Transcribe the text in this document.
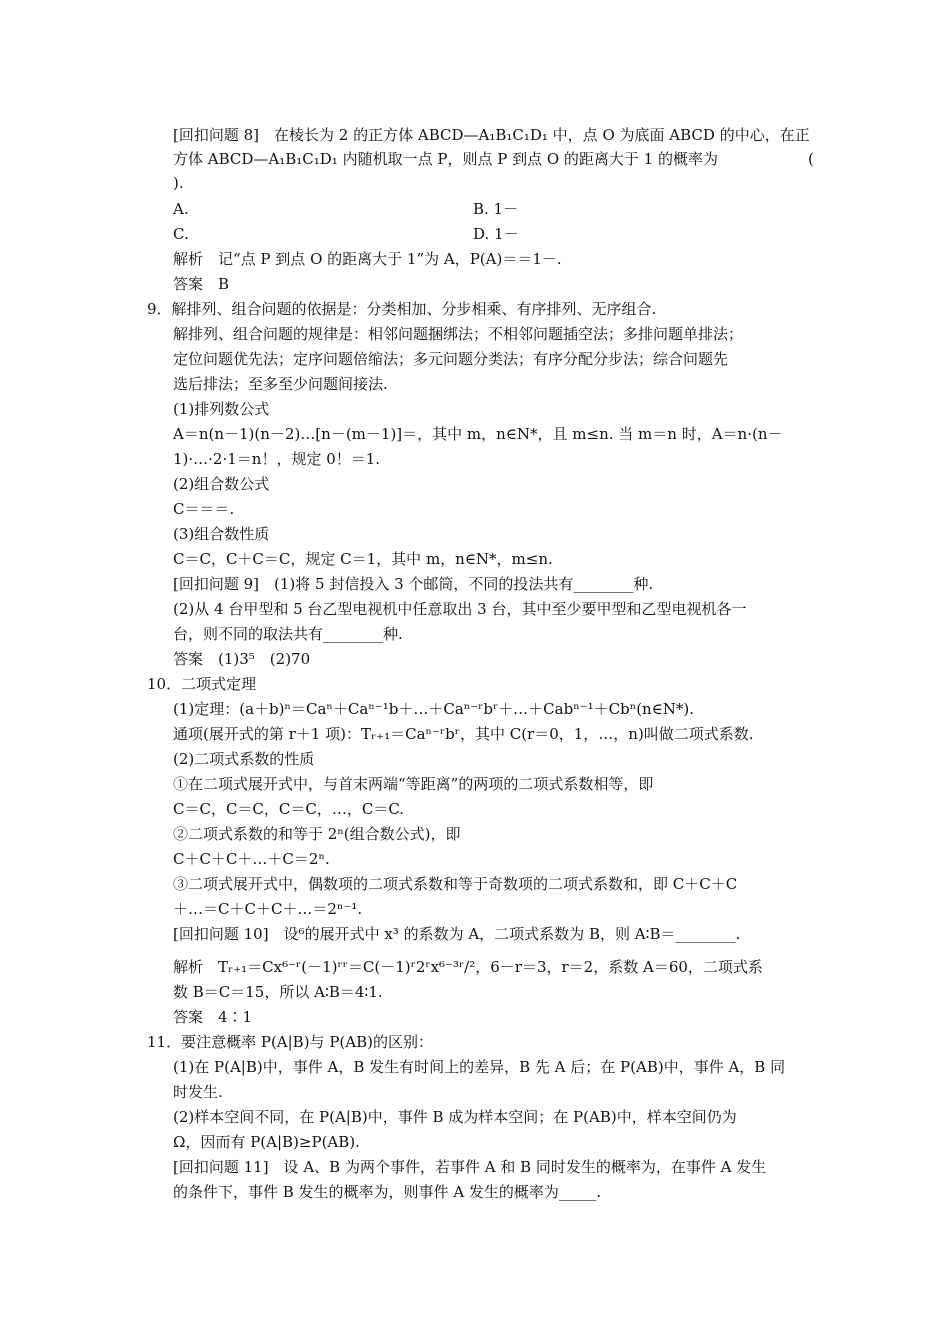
[回扣问题 8]　在棱长为 2 的正方体 ABCD—A₁B₁C₁D₁ 中，点 O 为底面 ABCD 的中心，在正
方体 ABCD—A₁B₁C₁D₁ 内随机取一点 P，则点 P 到点 O 的距离大于 1 的概率为　　　　　　(
).
A.	B. 1－
C.	D. 1－
解析　记“点 P 到点 O 的距离大于 1”为 A，P(A)＝＝1－.
答案　B
9．解排列、组合问题的依据是：分类相加、分步相乘、有序排列、无序组合.
解排列、组合问题的规律是：相邻问题捆绑法；不相邻问题插空法；多排问题单排法；
定位问题优先法；定序问题倍缩法；多元问题分类法；有序分配分步法；综合问题先
选后排法；至多至少问题间接法.
(1)排列数公式
A＝n(n－1)(n－2)…[n－(m－1)]＝，其中 m，n∈N*，且 m≤n. 当 m＝n 时，A＝n·(n－
1)·…·2·1＝n！，规定 0！＝1.
(2)组合数公式
C＝＝＝.
(3)组合数性质
C＝C，C＋C＝C，规定 C＝1，其中 m，n∈N*，m≤n.
[回扣问题 9]　(1)将 5 封信投入 3 个邮筒，不同的投法共有________种.
(2)从 4 台甲型和 5 台乙型电视机中任意取出 3 台，其中至少要甲型和乙型电视机各一
台，则不同的取法共有________种.
答案　(1)3⁵　(2)70
10．二项式定理
(1)定理：(a＋b)ⁿ＝Caⁿ＋Caⁿ⁻¹b＋…＋Caⁿ⁻ʳbʳ＋…＋Cabⁿ⁻¹＋Cbⁿ(n∈N*).
通项(展开式的第 r＋1 项)：Tᵣ₊₁＝Caⁿ⁻ʳbʳ，其中 C(r＝0，1，…，n)叫做二项式系数.
(2)二项式系数的性质
①在二项式展开式中，与首末两端“等距离”的两项的二项式系数相等，即
C＝C，C＝C，C＝C，…，C＝C.
②二项式系数的和等于 2ⁿ(组合数公式)，即
C＋C＋C＋…＋C＝2ⁿ.
③二项式展开式中，偶数项的二项式系数和等于奇数项的二项式系数和，即 C＋C＋C
＋…＝C＋C＋C＋…＝2ⁿ⁻¹.
[回扣问题 10]　设⁶的展开式中 x³ 的系数为 A，二项式系数为 B，则 A∶B＝________.
解析　Tᵣ₊₁＝Cx⁶⁻ʳ(－1)ʳʳ＝C(－1)ʳ2ʳx⁶⁻³ʳ/²，6－r＝3，r＝2，系数 A＝60，二项式系
数 B＝C＝15，所以 A∶B＝4∶1.
答案　4∶1
11．要注意概率 P(A|B)与 P(AB)的区别：
(1)在 P(A|B)中，事件 A，B 发生有时间上的差异，B 先 A 后；在 P(AB)中，事件 A，B 同
时发生.
(2)样本空间不同，在 P(A|B)中，事件 B 成为样本空间；在 P(AB)中，样本空间仍为
Ω，因而有 P(A|B)≥P(AB).
[回扣问题 11]　设 A、B 为两个事件，若事件 A 和 B 同时发生的概率为，在事件 A 发生
的条件下，事件 B 发生的概率为，则事件 A 发生的概率为_____.
